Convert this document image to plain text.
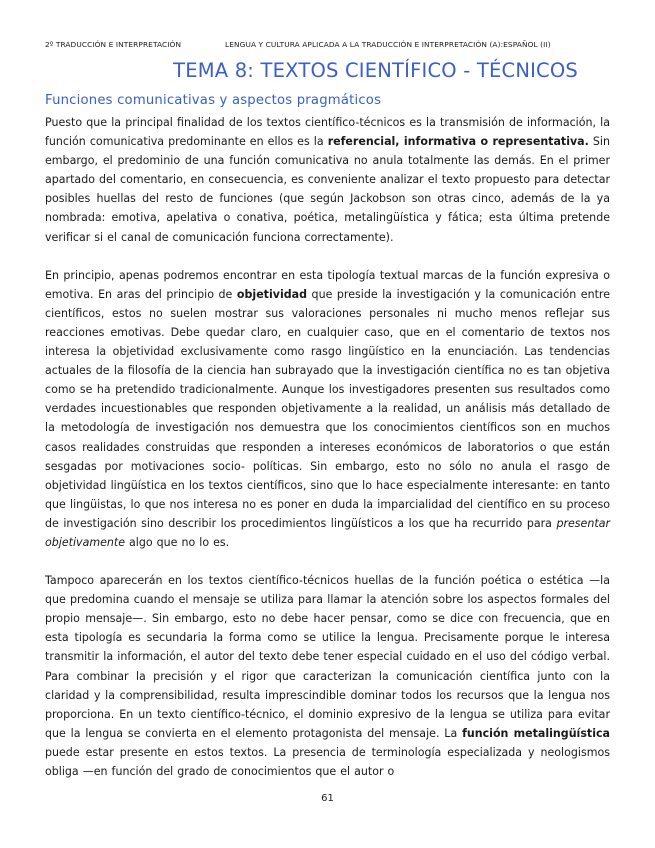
2º TRADUCCIÓN E INTERPRETACIÓN	LENGUA Y CULTURA APLICADA A LA TRADUCCIÓN E INTERPRETACIÓN (A):ESPAÑOL (II)
TEMA 8: TEXTOS CIENTÍFICO - TÉCNICOS
Funciones comunicativas y aspectos pragmáticos

Puesto que la principal finalidad de los textos científico-técnicos es la transmisión de información, la función comunicativa predominante en ellos es la referencial, informativa o representativa. Sin embargo, el predominio de una función comunicativa no anula totalmente las demás. En el primer apartado del comentario, en consecuencia, es conveniente analizar el texto propuesto para detectar posibles huellas del resto de funciones (que según Jackobson son otras cinco, además de la ya nombrada: emotiva, apelativa o conativa, poética, metalingüística y fática; esta última pretende verificar si el canal de comunicación funciona correctamente).

En principio, apenas podremos encontrar en esta tipología textual marcas de la función expresiva o emotiva. En aras del principio de objetividad que preside la investigación y la comunicación entre científicos, estos no suelen mostrar sus valoraciones personales ni mucho menos reflejar sus reacciones emotivas. Debe quedar claro, en cualquier caso, que en el comentario de textos nos interesa la objetividad exclusivamente como rasgo lingüístico en la enunciación. Las tendencias actuales de la filosofía de la ciencia han subrayado que la investigación científica no es tan objetiva como se ha pretendido tradicionalmente. Aunque los investigadores presenten sus resultados como verdades incuestionables que responden objetivamente a la realidad, un análisis más detallado de la metodología de investigación nos demuestra que los conocimientos científicos son en muchos casos realidades construidas que responden a intereses económicos de laboratorios o que están sesgadas por motivaciones socio- políticas. Sin embargo, esto no sólo no anula el rasgo de objetividad lingüística en los textos científicos, sino que lo hace especialmente interesante: en tanto que lingüistas, lo que nos interesa no es poner en duda la imparcialidad del científico en su proceso de investigación sino describir los procedimientos lingüísticos a los que ha recurrido para presentar objetivamente algo que no lo es.

Tampoco aparecerán en los textos científico-técnicos huellas de la función poética o estética —la que predomina cuando el mensaje se utiliza para llamar la atención sobre los aspectos formales del propio mensaje—. Sin embargo, esto no debe hacer pensar, como se dice con frecuencia, que en esta tipología es secundaria la forma como se utilice la lengua. Precisamente porque le interesa transmitir la información, el autor del texto debe tener especial cuidado en el uso del código verbal. Para combinar la precisión y el rigor que caracterizan la comunicación científica junto con la claridad y la comprensibilidad, resulta imprescindible dominar todos los recursos que la lengua nos proporciona. En un texto científico-técnico, el dominio expresivo de la lengua se utiliza para evitar que la lengua se convierta en el elemento protagonista del mensaje. La función metalingüística puede estar presente en estos textos. La presencia de terminología especializada y neologismos obliga —en función del grado de conocimientos que el autor o

61
